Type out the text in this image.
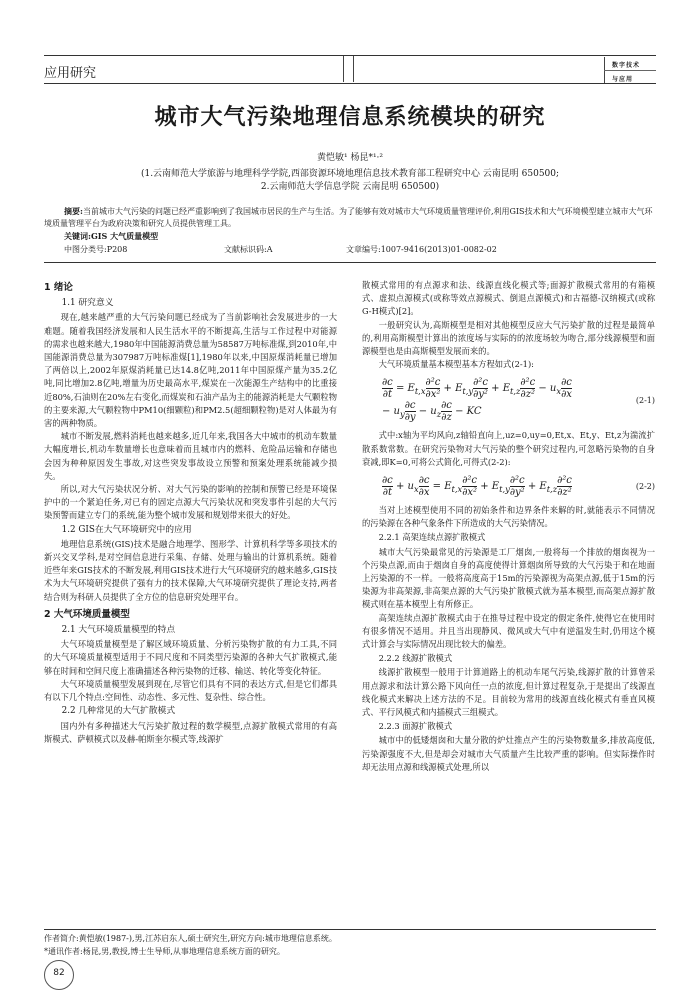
应用研究
数字技术
与应用
城市大气污染地理信息系统模块的研究
黄恺敏¹ 杨昆*¹·²
(1.云南师范大学旅游与地理科学学院,西部资源环境地理信息技术教育部工程研究中心 云南昆明 650500;
2.云南师范大学信息学院 云南昆明 650500)
摘要:当前城市大气污染的问题已经严重影响到了我国城市居民的生产与生活。为了能够有效对城市大气环境质量管理评价,利用GIS技术和大气环境模型建立城市大气环境质量管理平台为政府决策和研究人员提供管理工具。
关键词:GIS 大气质量模型
中图分类号:P208	文献标识码:A	文章编号:1007-9416(2013)01-0082-02
1 绪论
1.1 研究意义

现在,越来越严重的大气污染问题已经成为了当前影响社会发展进步的一大难题。随着我国经济发展和人民生活水平的不断提高,生活与工作过程中对能源的需求也越来越大,1980年中国能源消费总量为58587万吨标准煤,到2010年,中国能源消费总量为307987万吨标准煤[1],1980年以来,中国原煤消耗量已增加了两倍以上,2002年原煤消耗量已达14.8亿吨,2011年中国原煤产量为35.2亿吨,同比增加2.8亿吨,增量为历史最高水平,煤炭在一次能源生产结构中的比重接近80%,石油则在20%左右变化,而煤炭和石油产品为主的能源消耗是大气颗粒物的主要来源,大气颗粒物中PM10(细颗粒)和PM2.5(超细颗粒物)是对人体最为有害的两种物质。

城市不断发展,燃料消耗也越来越多,近几年来,我国各大中城市的机动车数量大幅度增长,机动车数量增长也意味着而且城市内的燃料、危险品运输和存储也会因为种种原因发生事故,对这些突发事故设立预警和预案处理系统能减少损失。

所以,对大气污染状况分析、对大气污染的影响的控制和预警已经是环境保护中的一个紧迫任务,对已有的固定点源大气污染状况和突发事件引起的大气污染预警而建立专门的系统,能为整个城市发展和规划带来很大的好处。

1.2 GIS在大气环境研究中的应用

地理信息系统(GIS)技术是融合地理学、图形学、计算机科学等多项技术的新兴交叉学科,是对空间信息进行采集、存储、处理与输出的计算机系统。随着近些年来GIS技术的不断发展,利用GIS技术进行大气环境研究的越来越多,GIS技术为大气环境研究提供了强有力的技术保障,大气环境研究提供了理论支持,两者结合则为科研人员提供了全方位的信息研究处理平台。

2 大气环境质量模型
2.1 大气环境质量模型的特点

大气环境质量模型是了解区域环境质量、分析污染物扩散的有力工具,不同的大气环境质量模型适用于不同尺度和不同类型污染源的各种大气扩散模式,能够在时间和空间尺度上准确描述各种污染物的迁移、输送、转化等变化特征。

大气环境质量模型发展到现在,尽管它们具有不同的表达方式,但是它们都具有以下几个特点:空间性、动态性、多元性、复杂性、综合性。

2.2 几种常见的大气扩散模式

国内外有多种描述大气污染扩散过程的数学模型,点源扩散模式常用的有高斯模式、萨顿模式以及赫-帕斯奎尔模式等,线源扩

散模式常用的有点源求和法、线源直线化模式等;面源扩散模式常用的有箱模式、虚拟点源模式(或称等效点源模式、倒退点源模式)和古福德-汉纳模式(或称G-H模式)[2]。

一般研究认为,高斯模型是相对其他模型反应大气污染扩散的过程是最简单的,利用高斯模型计算出的浓度场与实际的的浓度场较为吻合,部分线源模型和面源模型也是由高斯模型发展而来的。

大气环境质量基本模型基本方程如式(2-1):

$\frac{\partial c}{\partial t} = E_{t,x} \frac{\text{∂²c}}{\text{∂x²}} + E_{t,y} \frac{\text{∂²c}}{\text{∂y²}} + E_{t,z} \frac{\text{∂²c}}{\text{∂z²}} - u_x \frac{\partial c}{\partial x}$

− $u_y \frac{\partial c}{\partial y} - u_z \frac{\partial c}{\partial z}$ − KC
(2-1)

式中:x轴为平均风向,z轴铅直向上,uz=0,uy=0,Et,x、Et,y、Et,z为湍流扩散系数常数。在研究污染物对大气污染的整个研究过程内,可忽略污染物的自身衰减,即K=0,可将公式简化,可得式(2-2):

$\frac{\partial c}{\partial t} + u_x \frac{\partial c}{\partial x} = E_{t,x} \frac{\text{∂²c}}{\text{∂x²}} + E_{t,y} \frac{\text{∂²c}}{\text{∂y²}} + E_{t,z} \frac{\text{∂²c}}{\text{∂z²}}$	(2-2)

当对上述模型使用不同的初始条件和边界条件来解的时,就能表示不同情况的污染源在各种气象条件下所造成的大气污染情况。

2.2.1 高架连续点源扩散模式

城市大气污染最常见的污染源是工厂烟囱,一般将每一个排放的烟囱视为一个污染点源,而由于烟囱自身的高度使得计算烟囱所导致的大气污染于和在地面上污染源的不一样。一般将高度高于15m的污染源视为高架点源,低于15m的污染源为非高架源,非高架点源的大气污染扩散模式就为基本模型,而高架点源扩散模式则在基本模型上有所修正。

高架连续点源扩散模式由于在推导过程中设定的假定条件,使得它在使用时有很多情况不适用。并且当出现静风、微风或大气中有逆温发生时,仍用这个模式计算会与实际情况出现比较大的偏差。

2.2.2 线源扩散模式

线源扩散模型一般用于计算道路上的机动车尾气污染,线源扩散的计算曾采用点源求和法计算公路下风向任一点的浓度,但计算过程复杂,于是提出了线源直线化模式来解决上述方法的不足。目前较为常用的线源直线化模式有垂直风模式、平行风模式和内插模式三组模式。

2.2.3 面源扩散模式

城市中的低矮烟囱和大量分散的炉灶推点产生的污染物数量多,排放高度低,污染源强度不大,但是却会对城市大气质量产生比较严重的影响。但实际操作时却无法用点源和线源模式处理,所以

作者简介:黄恺敏(1987-),男,江苏启东人,硕士研究生,研究方向:城市地理信息系统。
*通讯作者:杨昆,男,教授,博士生导师,从事地理信息系统方面的研究。
82
